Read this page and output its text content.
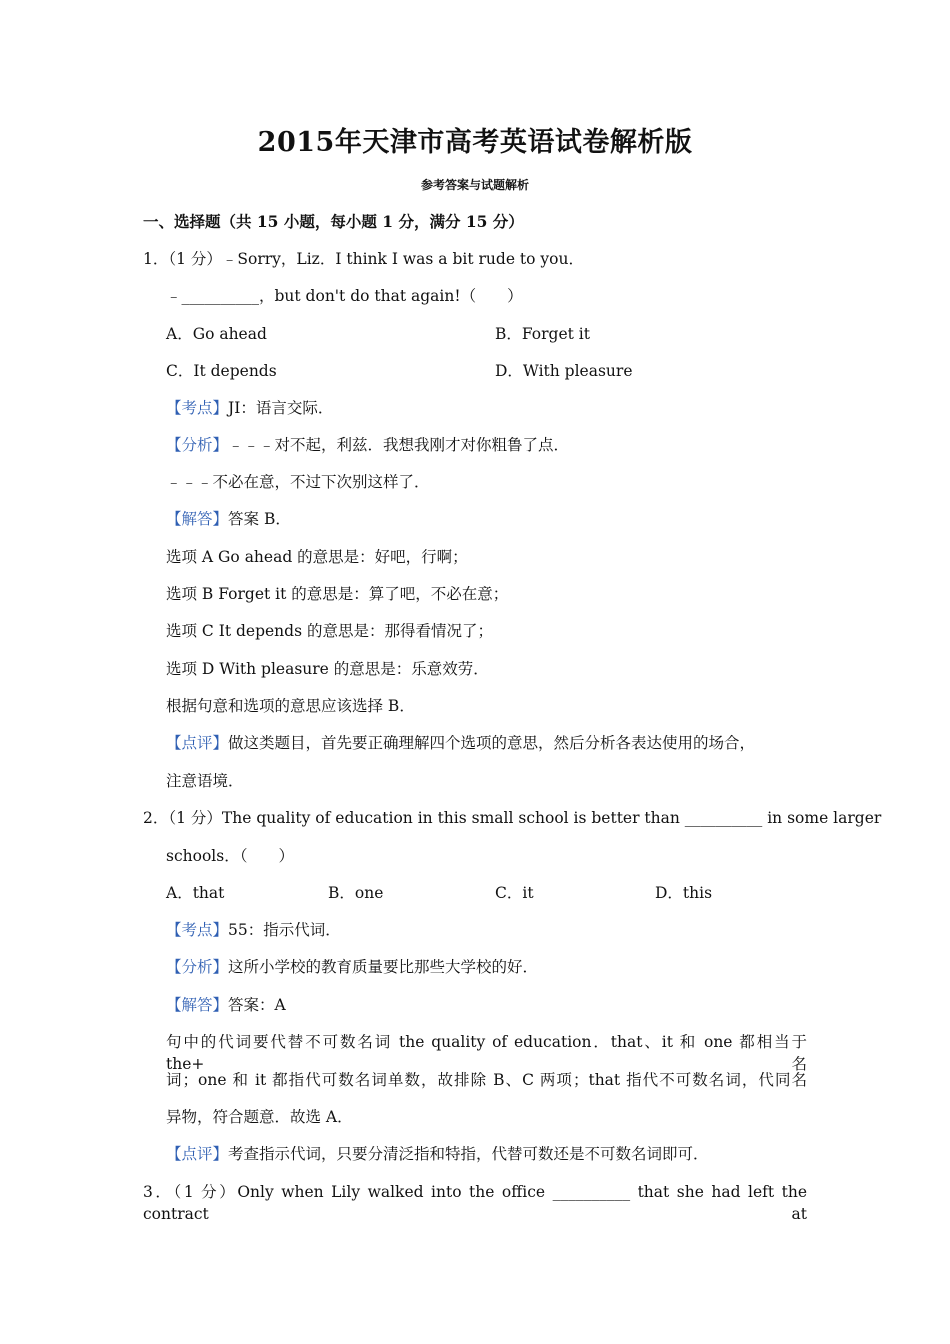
2015年天津市高考英语试卷解析版
参考答案与试题解析
一、选择题（共 15 小题，每小题 1 分，满分 15 分）
1．（1 分）﹣Sorry，Liz．I think I was a bit rude to you．
﹣__________，but don't do that again!（　　）
A．Go ahead	B．Forget it
C．It depends	D．With pleasure
【考点】JI：语言交际．
【分析】﹣﹣﹣对不起，利兹．我想我刚才对你粗鲁了点．
﹣﹣﹣不必在意，不过下次别这样了．
【解答】答案 B．
选项 A Go ahead 的意思是：好吧，行啊；
选项 B Forget it 的意思是：算了吧，不必在意；
选项 C It depends 的意思是：那得看情况了；
选项 D With pleasure 的意思是：乐意效劳．
根据句意和选项的意思应该选择 B．
【点评】做这类题目，首先要正确理解四个选项的意思，然后分析各表达使用的场合，
注意语境．
2．（1 分）The quality of education in this small school is better than __________ in some larger
schools．（　　）
A．that	B．one	C．it	D．this
【考点】55：指示代词．
【分析】这所小学校的教育质量要比那些大学校的好．
【解答】答案：A
句中的代词要代替不可数名词 the quality of education．that、it 和 one 都相当于 the+名
词；one 和 it 都指代可数名词单数，故排除 B、C 两项；that 指代不可数名词，代同名
异物，符合题意．故选 A．
【点评】考查指示代词，只要分清泛指和特指，代替可数还是不可数名词即可．
3．（1 分）Only when Lily walked into the office __________ that she had left the contract at
